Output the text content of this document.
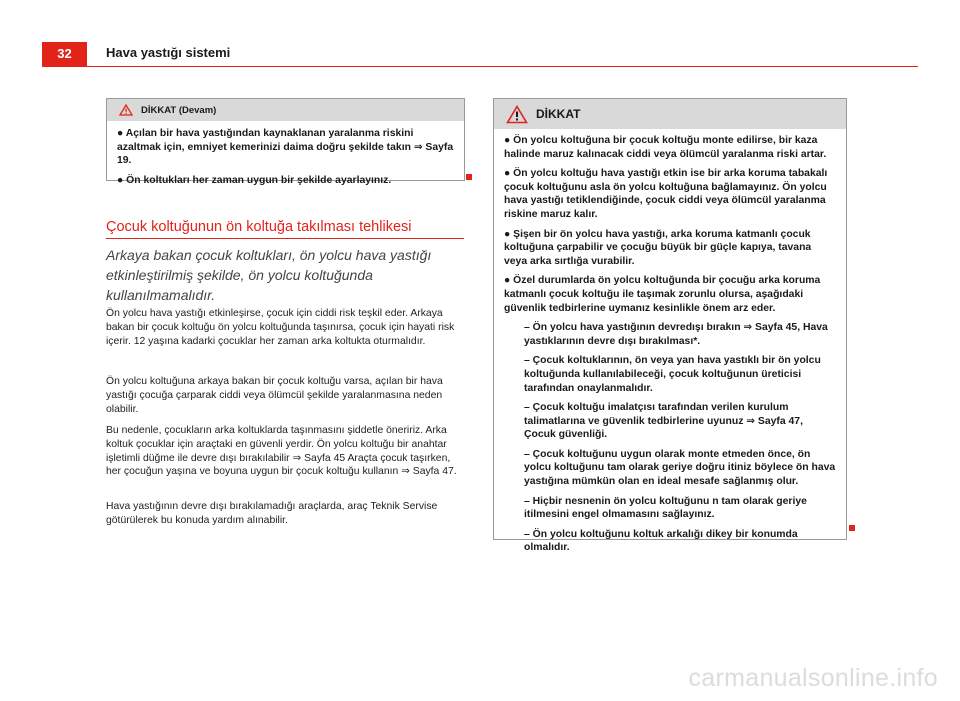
32	Hava yastığı sistemi
DİKKAT (Devam)

● Açılan bir hava yastığından kaynaklanan yaralanma riskini azaltmak için, emniyet kemerinizi daima doğru şekilde takın ⇒ Sayfa 19.

● Ön koltukları her zaman uygun bir şekilde ayarlayınız.

Çocuk koltuğunun ön koltuğa takılması tehlikesi

Arkaya bakan çocuk koltukları, ön yolcu hava yastığı etkinleştirilmiş şekilde, ön yolcu koltuğunda kullanılmamalıdır.

Ön yolcu hava yastığı etkinleşirse, çocuk için ciddi risk teşkil eder. Arkaya bakan bir çocuk koltuğu ön yolcu koltuğunda taşınırsa, çocuk için hayati risk içerir. 12 yaşına kadarki çocuklar her zaman arka koltukta oturmalıdır.

Ön yolcu koltuğuna arkaya bakan bir çocuk koltuğu varsa, açılan bir hava yastığı çocuğa çarparak ciddi veya ölümcül şekilde yaralanmasına neden olabilir.

Bu nedenle, çocukların arka koltuklarda taşınmasını şiddetle öneririz. Arka koltuk çocuklar için araçtaki en güvenli yerdir. Ön yolcu koltuğu bir anahtar işletimli düğme ile devre dışı bırakılabilir ⇒ Sayfa 45 Araçta çocuk taşırken, her çocuğun yaşına ve boyuna uygun bir çocuk koltuğu kullanın ⇒ Sayfa 47.

Hava yastığının devre dışı bırakılamadığı araçlarda, araç Teknik Servise götürülerek bu konuda yardım alınabilir.

DİKKAT

● Ön yolcu koltuğuna bir çocuk koltuğu monte edilirse, bir kaza halinde maruz kalınacak ciddi veya ölümcül yaralanma riski artar.

● Ön yolcu koltuğu hava yastığı etkin ise bir arka koruma tabakalı çocuk koltuğunu asla ön yolcu koltuğuna bağlamayınız. Ön yolcu hava yastığı tetiklendiğinde, çocuk ciddi veya ölümcül yaralanma riskine maruz kalır.

● Şişen bir ön yolcu hava yastığı, arka koruma katmanlı çocuk koltuğuna çarpabilir ve çocuğu büyük bir güçle kapıya, tavana veya arka sırtlığa vurabilir.

● Özel durumlarda ön yolcu koltuğunda bir çocuğu arka koruma katmanlı çocuk koltuğu ile taşımak zorunlu olursa, aşağıdaki güvenlik tedbirlerine uymanız kesinlikle önem arz eder.

– Ön yolcu hava yastığının devredışı bırakın ⇒ Sayfa 45, Hava yastıklarının devre dışı bırakılması*.

– Çocuk koltuklarının, ön veya yan hava yastıklı bir ön yolcu koltuğunda kullanılabileceği, çocuk koltuğunun üreticisi tarafından onaylanmalıdır.

– Çocuk koltuğu imalatçısı tarafından verilen kurulum talimatlarına ve güvenlik tedbirlerine uyunuz ⇒ Sayfa 47, Çocuk güvenliği.

– Çocuk koltuğunu uygun olarak monte etmeden önce, ön yolcu koltuğunu tam olarak geriye doğru itiniz böylece ön hava yastığına mümkün olan en ideal mesafe sağlanmış olur.

– Hiçbir nesnenin ön yolcu koltuğunu n tam olarak geriye itilmesini engel olmamasını sağlayınız.

– Ön yolcu koltuğunu koltuk arkalığı dikey bir konumda olmalıdır.

carmanualsonline.info
